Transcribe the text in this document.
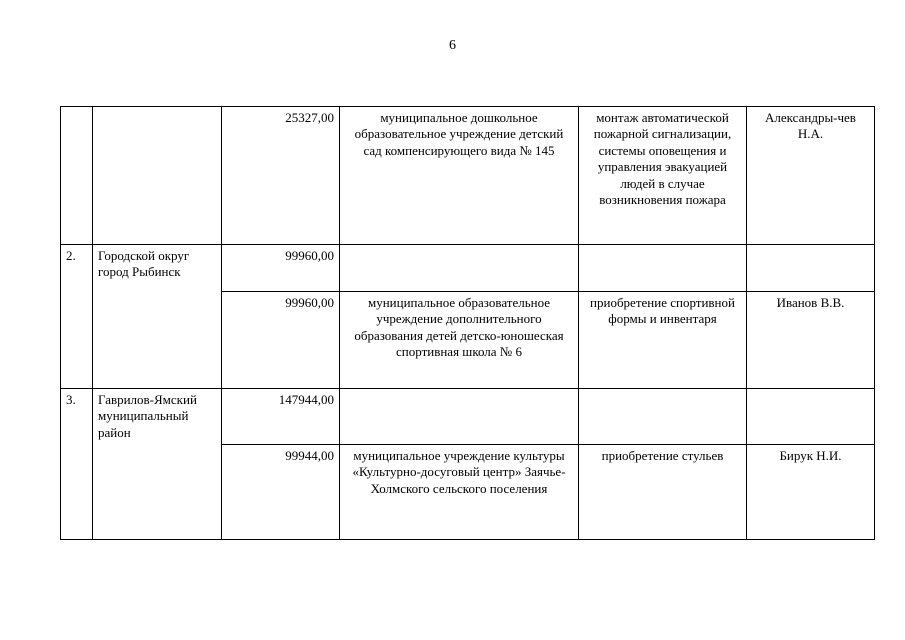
6
		25327,00	муниципальное дошкольное образовательное учреждение детский сад компенсирующего вида № 145	монтаж автоматической пожарной сигнализации, системы оповещения и управления эвакуацией людей в случае возникновения пожара	Александры-чев Н.А.
2.	Городской округ город Рыбинск	99960,00			
		99960,00	муниципальное образовательное учреждение дополнительного образования детей детско-юношеская спортивная школа № 6	приобретение спортивной формы и инвентаря	Иванов В.В.
3.	Гаврилов-Ямский муниципальный район	147944,00			
		99944,00	муниципальное учреждение культуры «Культурно-досуговый центр» Заячье-Холмского сельского поселения	приобретение стульев	Бирук Н.И.
